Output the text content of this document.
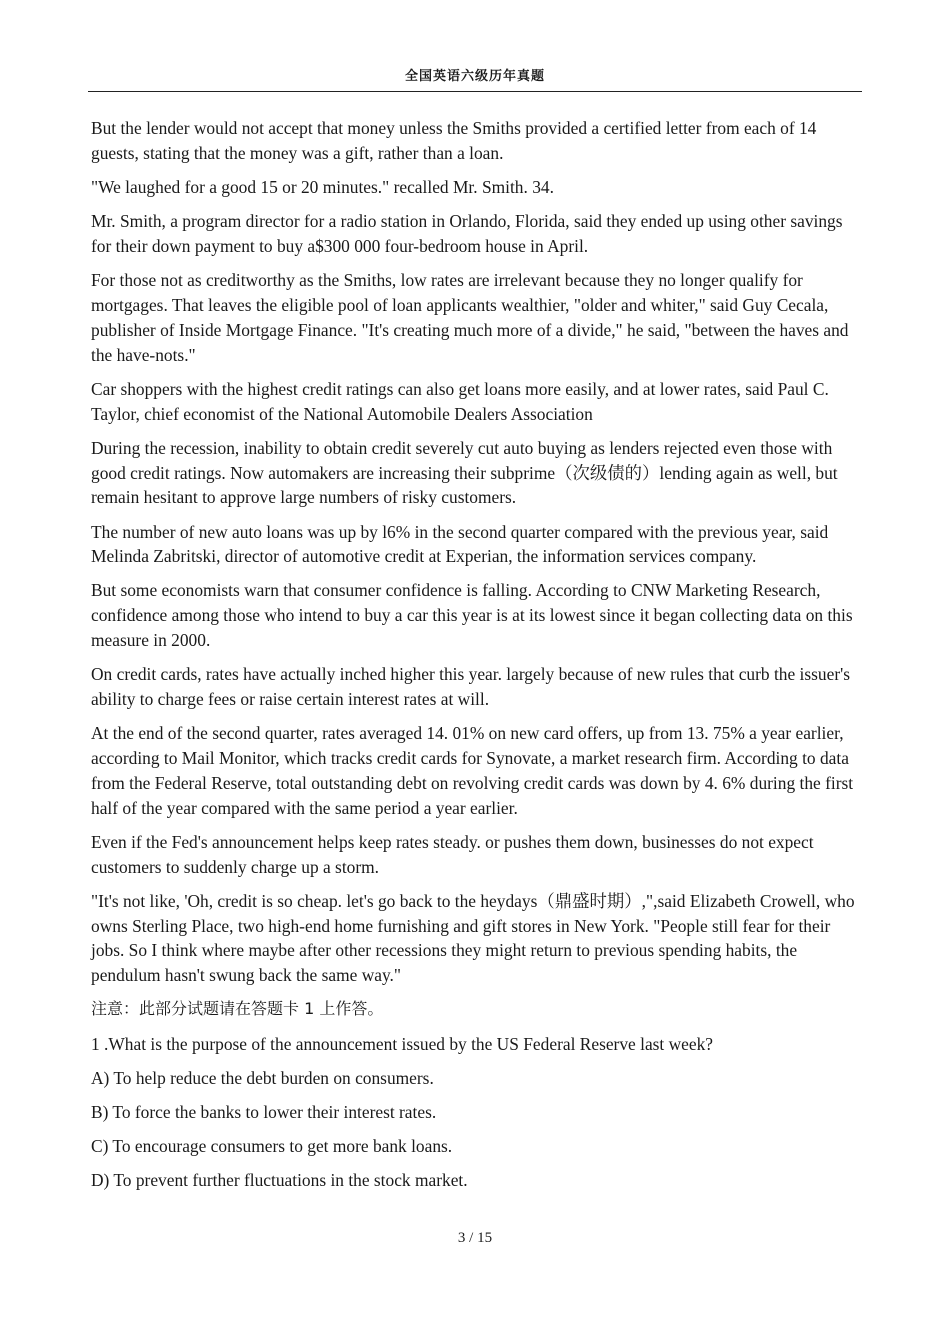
全国英语六级历年真题

But the lender would not accept that money unless the Smiths provided a certified letter from each of 14 guests, stating that the money was a gift, rather than a loan.

"We laughed for a good 15 or 20 minutes." recalled Mr. Smith. 34.

Mr. Smith, a program director for a radio station in Orlando, Florida, said they ended up using other savings for their down payment to buy a$300 000 four-bedroom house in April.

For those not as creditworthy as the Smiths, low rates are irrelevant because they no longer qualify for mortgages. That leaves the eligible pool of loan applicants wealthier, "older and whiter," said Guy Cecala, publisher of Inside Mortgage Finance. "It's creating much more of a divide," he said, "between the haves and the have-nots."

Car shoppers with the highest credit ratings can also get loans more easily, and at lower rates, said Paul C. Taylor, chief economist of the National Automobile Dealers Association

During the recession, inability to obtain credit severely cut auto buying as lenders rejected even those with good credit ratings. Now automakers are increasing their subprime（次级债的）lending again as well, but remain hesitant to approve large numbers of risky customers.

The number of new auto loans was up by l6% in the second quarter compared with the previous year, said Melinda Zabritski, director of automotive credit at Experian, the information services company.

But some economists warn that consumer confidence is falling. According to CNW Marketing Research, confidence among those who intend to buy a car this year is at its lowest since it began collecting data on this measure in 2000.

On credit cards, rates have actually inched higher this year. largely because of new rules that curb the issuer's ability to charge fees or raise certain interest rates at will.

At the end of the second quarter, rates averaged 14. 01% on new card offers, up from 13. 75% a year earlier, according to Mail Monitor, which tracks credit cards for Synovate, a market research firm. According to data from the Federal Reserve, total outstanding debt on revolving credit cards was down by 4. 6% during the first half of the year compared with the same period a year earlier.

Even if the Fed's announcement helps keep rates steady. or pushes them down, businesses do not expect customers to suddenly charge up a storm.

"It's not like, 'Oh, credit is so cheap. let's go back to the heydays（鼎盛时期）,",said Elizabeth Crowell, who owns Sterling Place, two high-end home furnishing and gift stores in New York. "People still fear for their jobs. So I think where maybe after other recessions they might return to previous spending habits, the pendulum hasn't swung back the same way."

注意：此部分试题请在答题卡 1 上作答。

1 .What is the purpose of the announcement issued by the US Federal Reserve last week?

A) To help reduce the debt burden on consumers.

B) To force the banks to lower their interest rates.

C) To encourage consumers to get more bank loans.

D) To prevent further fluctuations in the stock market.

3 / 15
